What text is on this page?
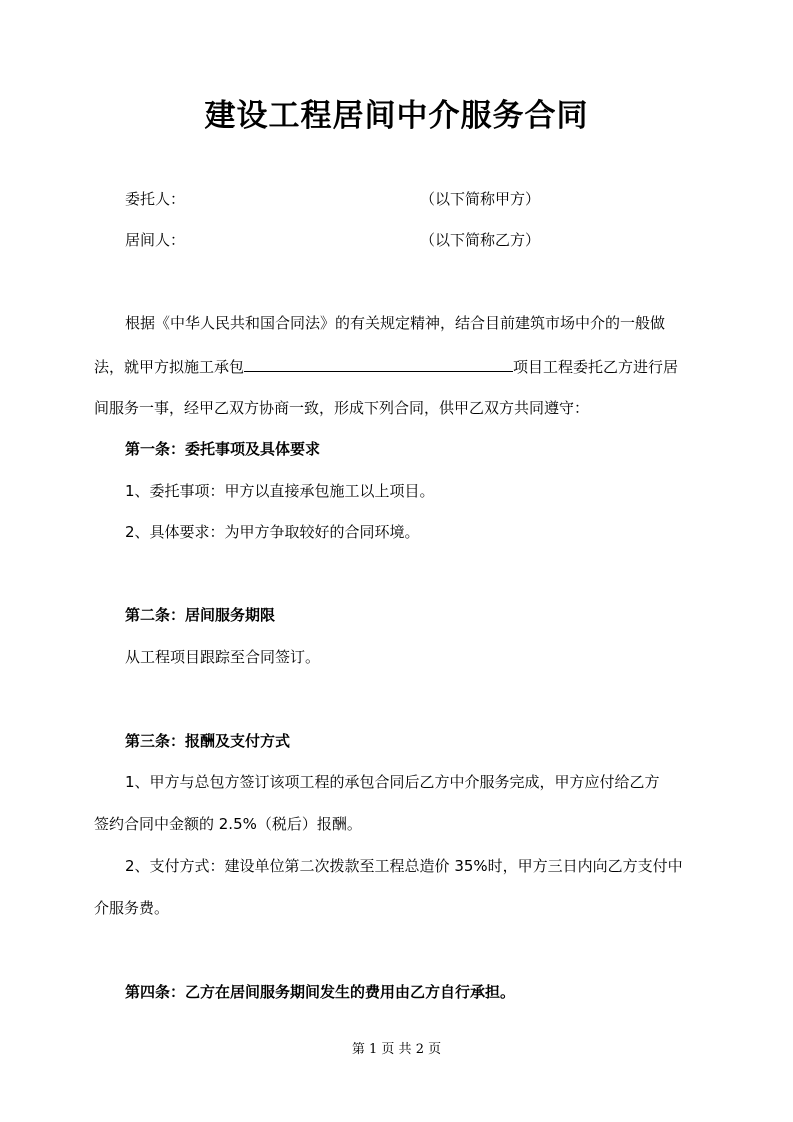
建设工程居间中介服务合同
委托人：	（以下简称甲方）
居间人：	（以下简称乙方）
根据《中华人民共和国合同法》的有关规定精神，结合目前建筑市场中介的一般做
法，就甲方拟施工承包	项目工程委托乙方进行居
间服务一事，经甲乙双方协商一致，形成下列合同，供甲乙双方共同遵守：
第一条：委托事项及具体要求
1、委托事项：甲方以直接承包施工以上项目。
2、具体要求：为甲方争取较好的合同环境。
第二条：居间服务期限
从工程项目跟踪至合同签订。
第三条：报酬及支付方式
1、甲方与总包方签订该项工程的承包合同后乙方中介服务完成，甲方应付给乙方
签约合同中金额的 2.5%（税后）报酬。
2、支付方式：建设单位第二次拨款至工程总造价 35%时，甲方三日内向乙方支付中
介服务费。
第四条：乙方在居间服务期间发生的费用由乙方自行承担。
第 1 页 共 2 页
